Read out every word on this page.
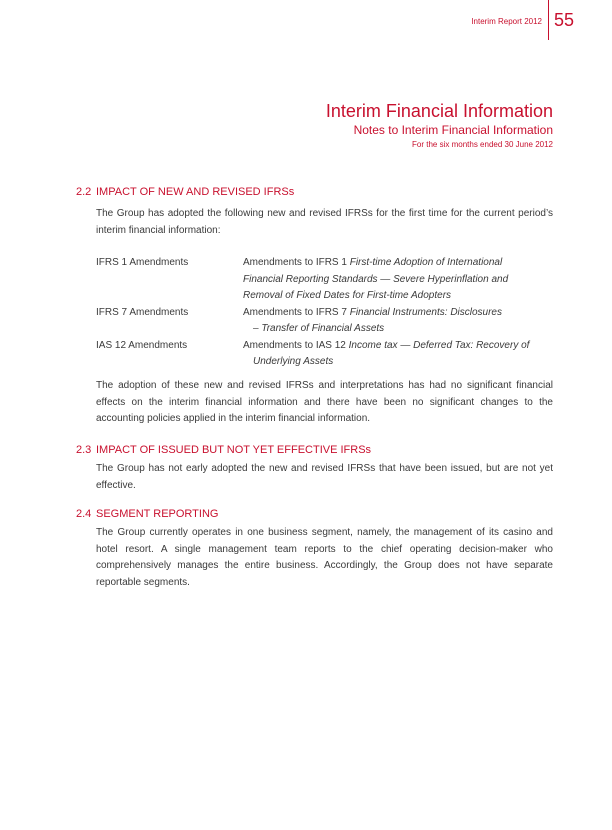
Interim Report 2012 55
Interim Financial Information
Notes to Interim Financial Information
For the six months ended 30 June 2012
2.2 IMPACT OF NEW AND REVISED IFRSs
The Group has adopted the following new and revised IFRSs for the first time for the current period’s interim financial information:
IFRS 1 Amendments	Amendments to IFRS 1 First-time Adoption of International
Financial Reporting Standards — Severe Hyperinflation and
Removal of Fixed Dates for First-time Adopters
IFRS 7 Amendments	Amendments to IFRS 7 Financial Instruments: Disclosures

– Transfer of Financial Assets
IAS 12 Amendments	Amendments to IAS 12 Income tax — Deferred Tax: Recovery of

Underlying Assets
The adoption of these new and revised IFRSs and interpretations has had no significant financial effects on the interim financial information and there have been no significant changes to the accounting policies applied in the interim financial information.
2.3 IMPACT OF ISSUED BUT NOT YET EFFECTIVE IFRSs
The Group has not early adopted the new and revised IFRSs that have been issued, but are not yet effective.
2.4 SEGMENT REPORTING
The Group currently operates in one business segment, namely, the management of its casino and hotel resort. A single management team reports to the chief operating decision-maker who comprehensively manages the entire business. Accordingly, the Group does not have separate reportable segments.
